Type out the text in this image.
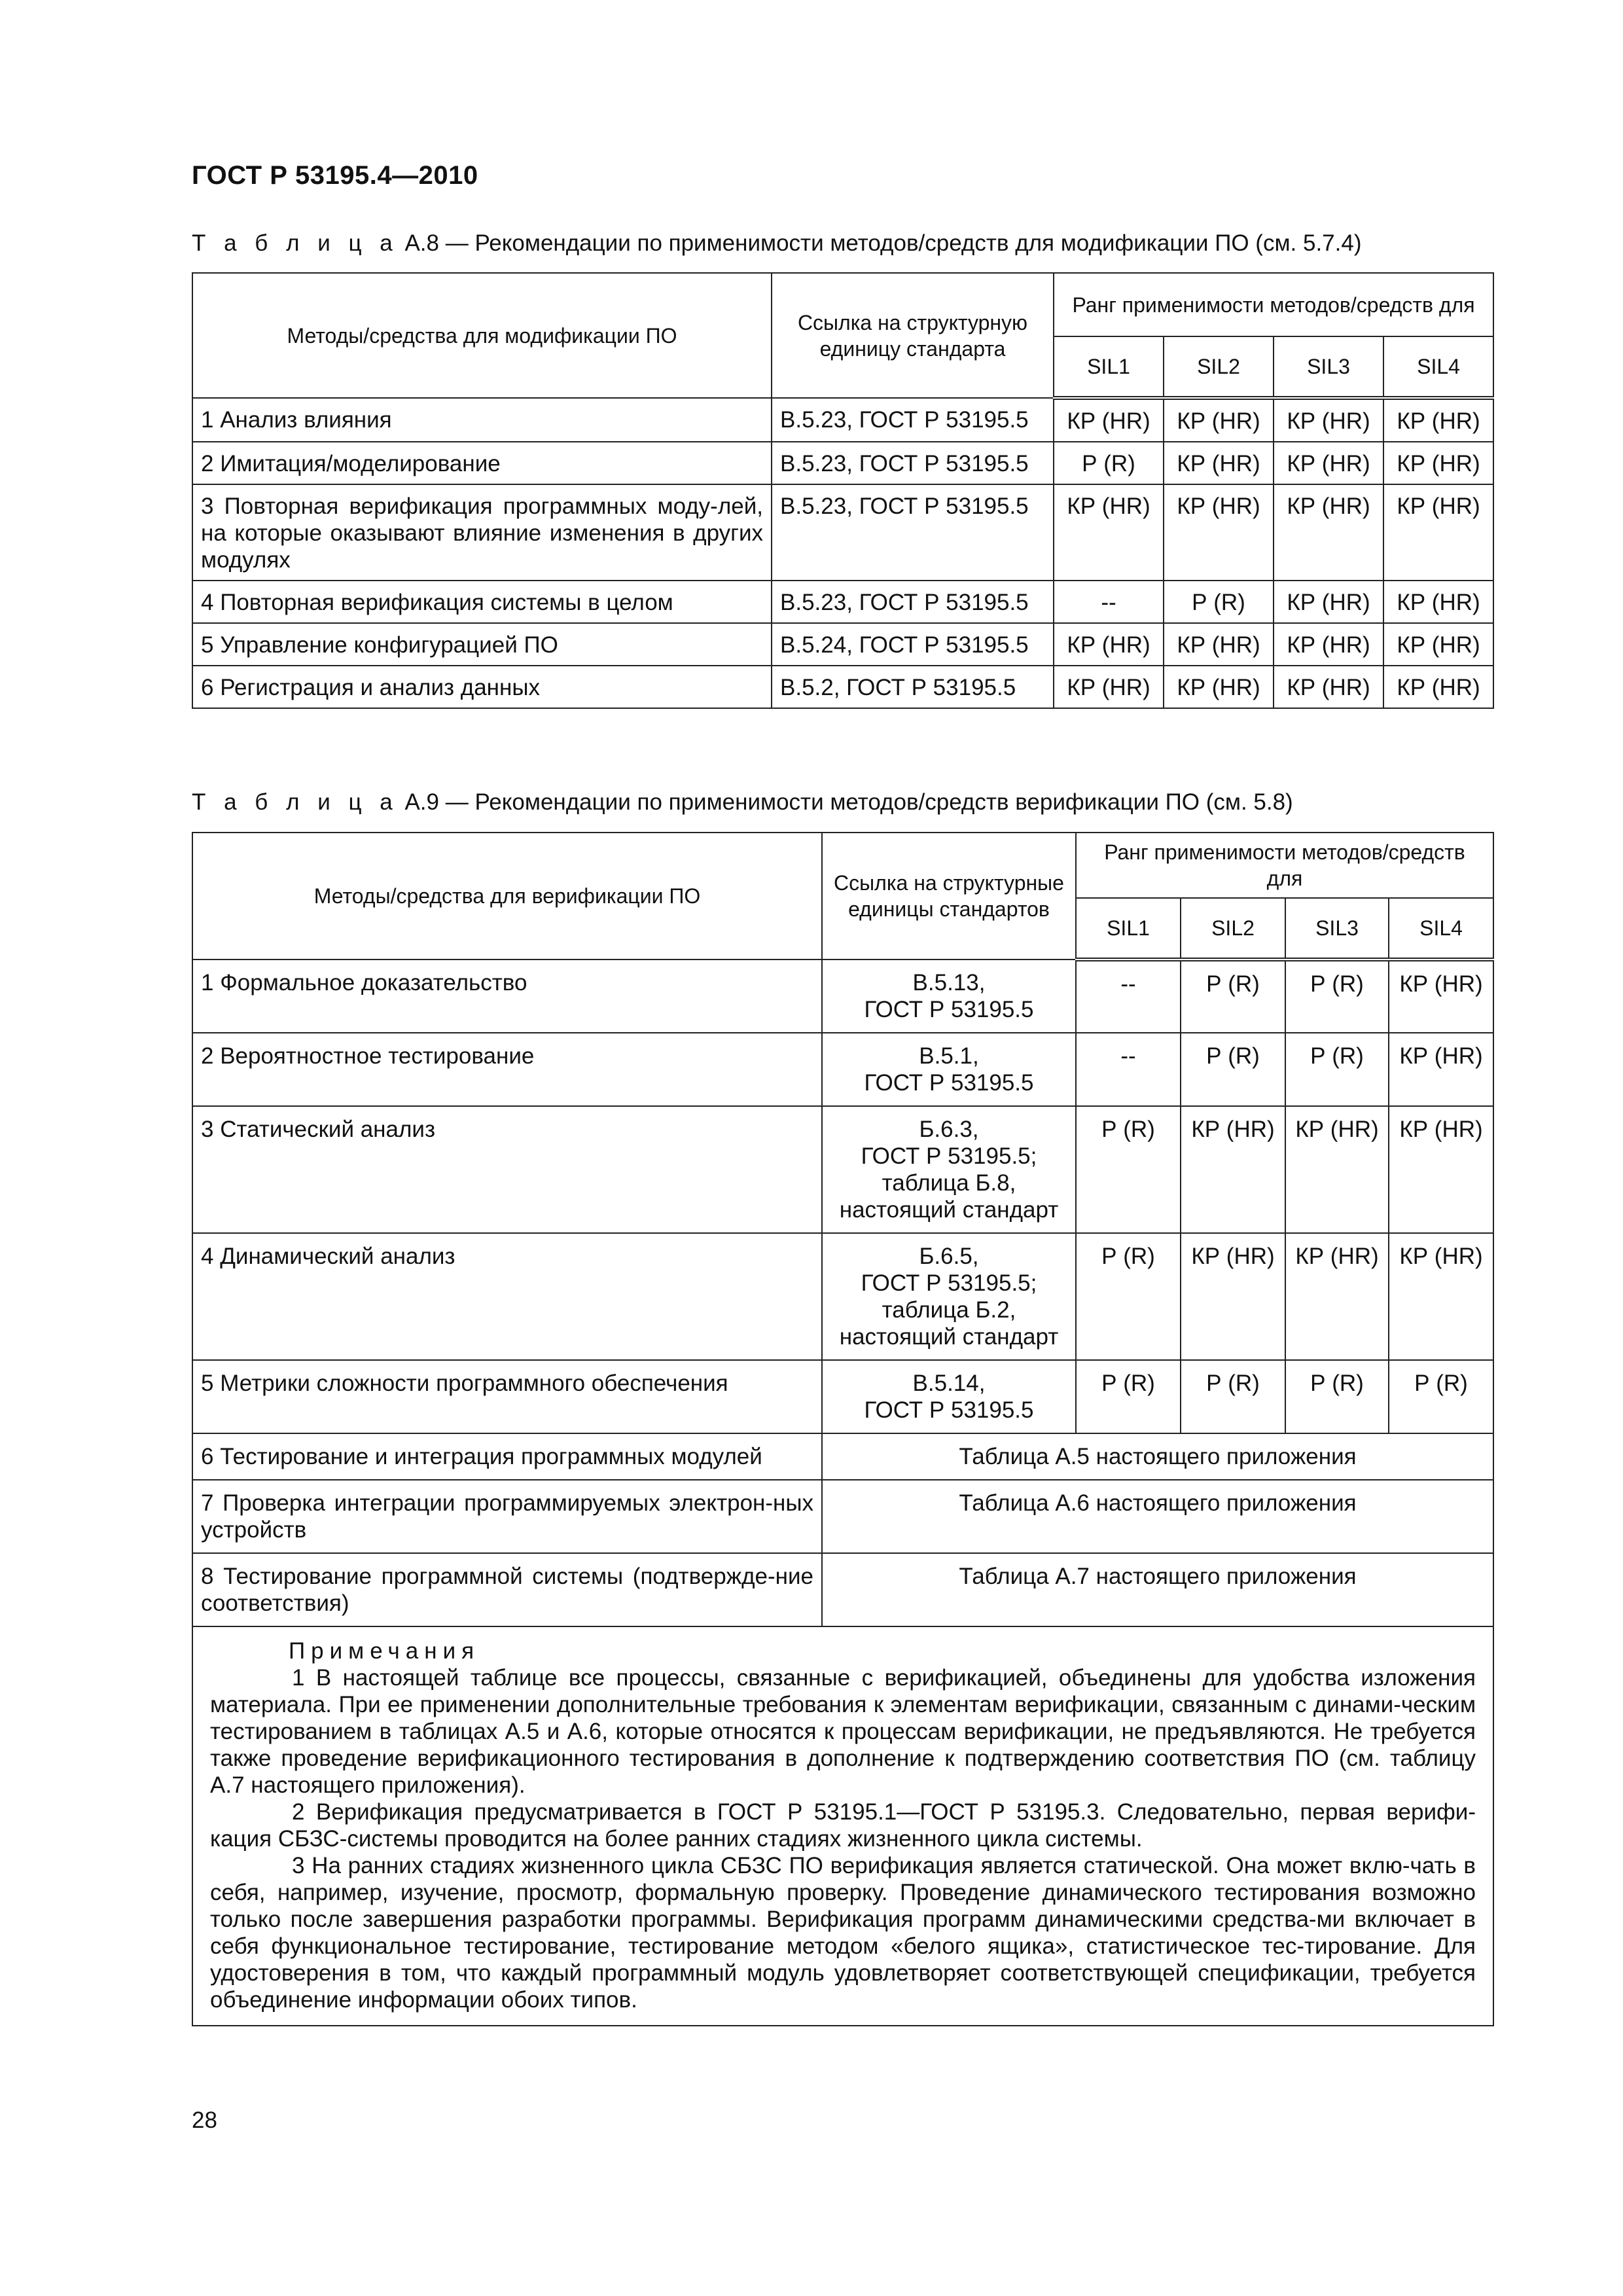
ГОСТ Р 53195.4—2010
Т а б л и ц а А.8 — Рекомендации по применимости методов/средств для модификации ПО (см. 5.7.4)
Методы/средства для модификации ПО	Ссылка на структурную единицу стандарта	Ранг применимости методов/средств для			
		SIL1	SIL2	SIL3	SIL4
1 Анализ влияния	В.5.23, ГОСТ Р 53195.5	КР (HR)	КР (HR)	КР (HR)	КР (HR)
2 Имитация/моделирование	В.5.23, ГОСТ Р 53195.5	Р (R)	КР (HR)	КР (HR)	КР (HR)
3 Повторная верификация программных моду-лей, на которые оказывают влияние изменения в других модулях	В.5.23, ГОСТ Р 53195.5	КР (HR)	КР (HR)	КР (HR)	КР (HR)
4 Повторная верификация системы в целом	В.5.23, ГОСТ Р 53195.5	--	Р (R)	КР (HR)	КР (HR)
5 Управление конфигурацией ПО	В.5.24, ГОСТ Р 53195.5	КР (HR)	КР (HR)	КР (HR)	КР (HR)
6 Регистрация и анализ данных	В.5.2, ГОСТ Р 53195.5	КР (HR)	КР (HR)	КР (HR)	КР (HR)
Т а б л и ц а А.9 — Рекомендации по применимости методов/средств верификации ПО (см. 5.8)
Методы/средства для верификации ПО	Ссылка на структурные единицы стандартов	Ранг применимости методов/средств для			
		SIL1	SIL2	SIL3	SIL4
1 Формальное доказательство	В.5.13,
ГОСТ Р 53195.5	--	Р (R)	Р (R)	КР (HR)
2 Вероятностное тестирование	В.5.1,
ГОСТ Р 53195.5	--	Р (R)	Р (R)	КР (HR)
3 Статический анализ	Б.6.3,
ГОСТ Р 53195.5;
таблица Б.8,
настоящий стандарт	Р (R)	КР (HR)	КР (HR)	КР (HR)
4 Динамический анализ	Б.6.5,
ГОСТ Р 53195.5;
таблица Б.2,
настоящий стандарт	Р (R)	КР (HR)	КР (HR)	КР (HR)
5 Метрики сложности программного обеспечения	В.5.14,
ГОСТ Р 53195.5	Р (R)	Р (R)	Р (R)	Р (R)
6 Тестирование и интеграция программных модулей	Таблица А.5 настоящего приложения				
7 Проверка интеграции программируемых электрон-ных устройств	Таблица А.6 настоящего приложения				
8 Тестирование программной системы (подтвержде-ние соответствия)	Таблица А.7 настоящего приложения				

Примечания

1 В настоящей таблице все процессы, связанные с верификацией, объединены для удобства изложения материала. При ее применении дополнительные требования к элементам верификации, связанным с динами-ческим тестированием в таблицах А.5 и А.6, которые относятся к процессам верификации, не предъявляются. Не требуется также проведение верификационного тестирования в дополнение к подтверждению соответствия ПО (см. таблицу А.7 настоящего приложения).

2 Верификация предусматривается в ГОСТ Р 53195.1—ГОСТ Р 53195.3. Следовательно, первая верифи-кация СБЗС-системы проводится на более ранних стадиях жизненного цикла системы.

3 На ранних стадиях жизненного цикла СБЗС ПО верификация является статической. Она может вклю-чать в себя, например, изучение, просмотр, формальную проверку. Проведение динамического тестирования возможно только после завершения разработки программы. Верификация программ динамическими средства-ми включает в себя функциональное тестирование, тестирование методом «белого ящика», статистическое тес-тирование. Для удостоверения в том, что каждый программный модуль удовлетворяет соответствующей спецификации, требуется объединение информации обоих типов.					

28
